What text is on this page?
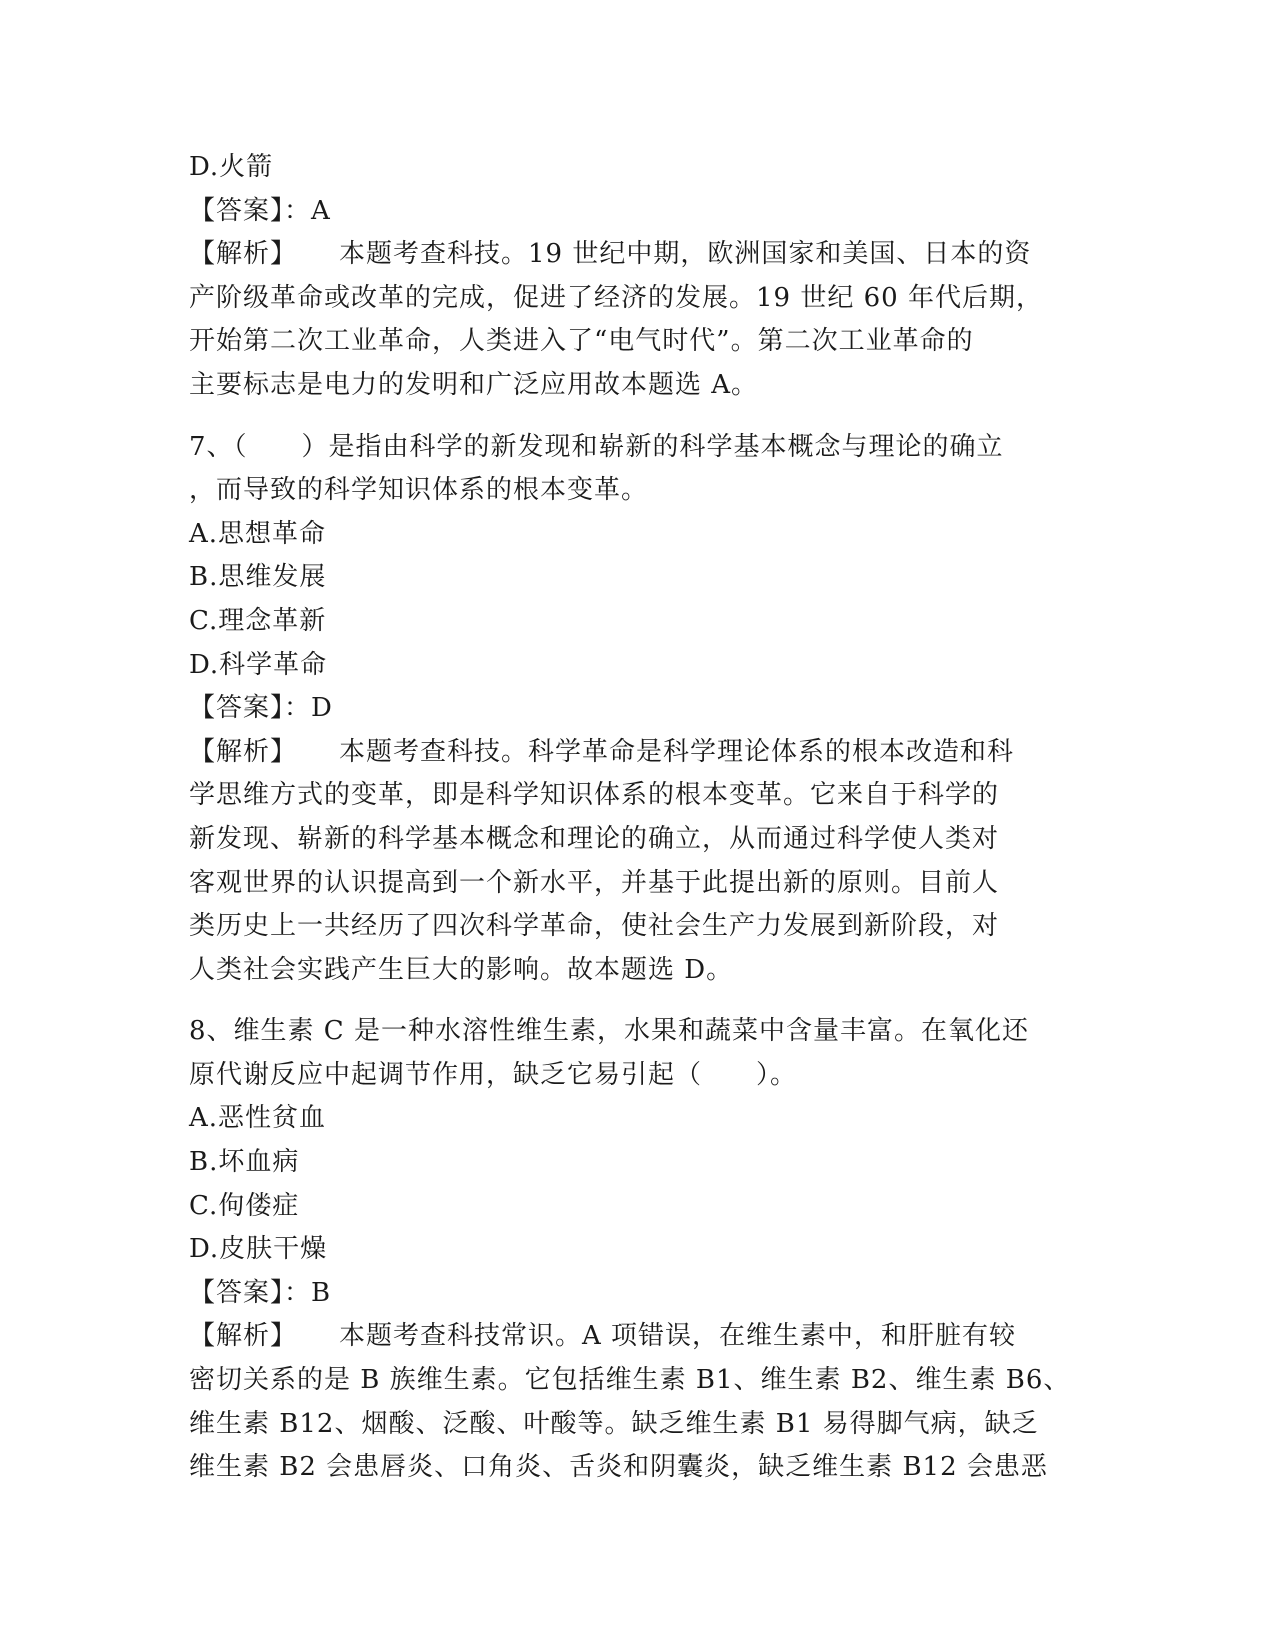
D.火箭
【答案】：A
【解析】 本题考查科技。19 世纪中期，欧洲国家和美国、日本的资
产阶级革命或改革的完成，促进了经济的发展。19 世纪 60 年代后期，
开始第二次工业革命，人类进入了“电气时代”。第二次工业革命的
主要标志是电力的发明和广泛应用故本题选 A。
7、（　　）是指由科学的新发现和崭新的科学基本概念与理论的确立
，而导致的科学知识体系的根本变革。
A.思想革命
B.思维发展
C.理念革新
D.科学革命
【答案】：D
【解析】 本题考查科技。科学革命是科学理论体系的根本改造和科
学思维方式的变革，即是科学知识体系的根本变革。它来自于科学的
新发现、崭新的科学基本概念和理论的确立，从而通过科学使人类对
客观世界的认识提高到一个新水平，并基于此提出新的原则。目前人
类历史上一共经历了四次科学革命，使社会生产力发展到新阶段，对
人类社会实践产生巨大的影响。故本题选 D。
8、维生素 C 是一种水溶性维生素，水果和蔬菜中含量丰富。在氧化还
原代谢反应中起调节作用，缺乏它易引起（　　）。
A.恶性贫血
B.坏血病
C.佝偻症
D.皮肤干燥
【答案】：B
【解析】 本题考查科技常识。A 项错误，在维生素中，和肝脏有较
密切关系的是 B 族维生素。它包括维生素 B1、维生素 B2、维生素 B6、
维生素 B12、烟酸、泛酸、叶酸等。缺乏维生素 B1 易得脚气病，缺乏
维生素 B2 会患唇炎、口角炎、舌炎和阴囊炎，缺乏维生素 B12 会患恶
